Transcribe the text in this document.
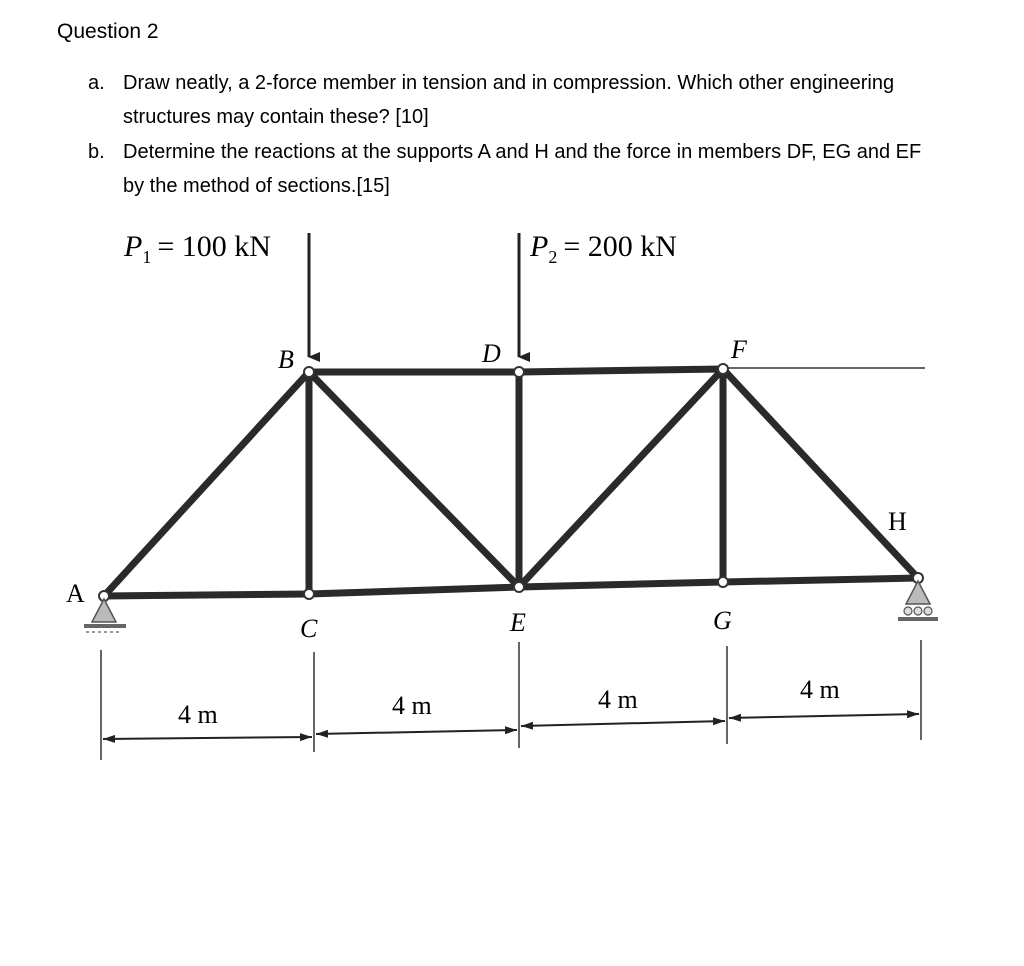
Question 2
a. Draw neatly, a 2-force member in tension and in compression. Which other engineering structures may contain these? [10]
b. Determine the reactions at the supports A and H and the force in members DF, EG and EF by the method of sections.[15]
$P_1 = 100$ kN	$P_2 = 200$ kN
A
B
C
D
E
F
G
H
4 m	4 m	4 m	4 m
